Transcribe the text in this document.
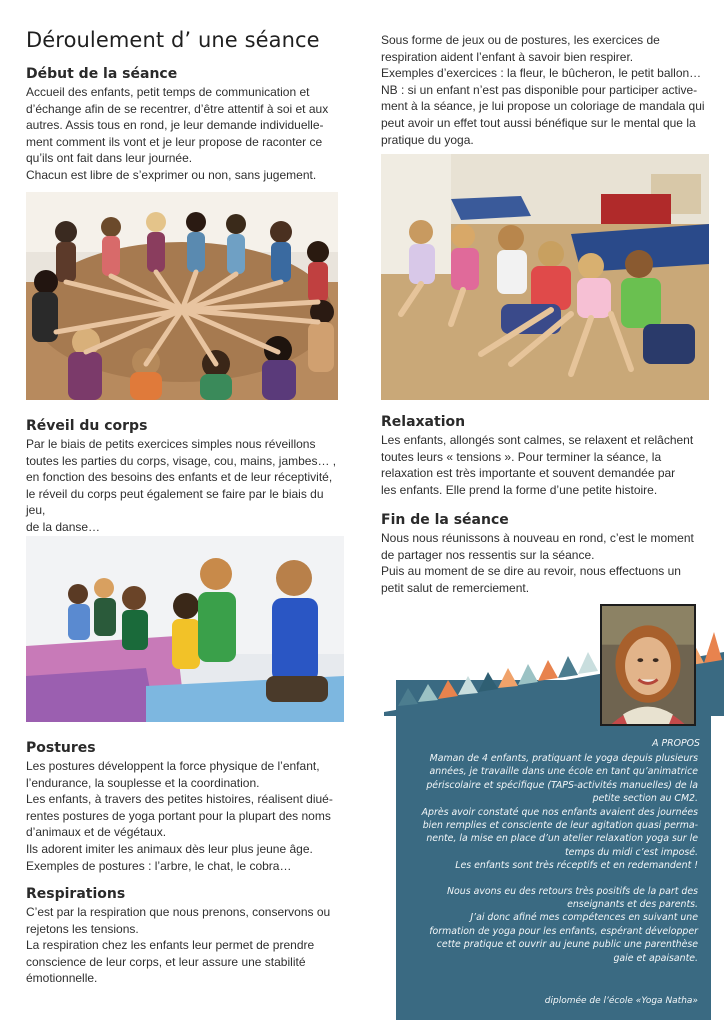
Déroulement d’ une séance
Début de la séance

Accueil des enfants, petit temps de communication et

d’échange afin de se recentrer, d’être attentif à soi et aux

autres. Assis tous en rond, je leur demande individuelle-

ment comment ils vont et je leur propose de raconter ce

qu’ils ont fait dans leur journée.

Chacun est libre de s’exprimer ou non, sans jugement.

Réveil du corps

Par le biais de petits exercices simples nous réveillons

toutes les parties du corps, visage, cou, mains, jambes… ,

en fonction des besoins des enfants et de leur réceptivité,

le réveil du corps peut également se faire par le biais du jeu,

de la danse…

Postures

Les postures développent la force physique de l’enfant,

l’endurance, la souplesse et la coordination.

Les enfants, à travers des petites histoires, réalisent diué-

rentes postures de yoga portant pour la plupart des noms

d’animaux et de végétaux.

Ils adorent imiter les animaux dès leur plus jeune âge.

Exemples de postures : l’arbre, le chat, le cobra…

Respirations

C’est par la respiration que nous prenons, conservons ou

rejetons les tensions.

La respiration chez les enfants leur permet de prendre

conscience de leur corps, et leur assure une stabilité

émotionnelle.

Sous forme de jeux ou de postures, les exercices de

respiration aident l’enfant à savoir bien respirer.

Exemples d’exercices : la fleur, le bûcheron, le petit ballon…

NB : si un enfant n’est pas disponible pour participer active-

ment à la séance, je lui propose un coloriage de mandala qui

peut avoir un effet tout aussi bénéfique sur le mental que la

pratique du yoga.

Relaxation

Les enfants, allongés sont calmes, se relaxent et relâchent

toutes leurs « tensions ». Pour terminer la séance, la

relaxation est très importante et souvent demandée par

les enfants. Elle prend la forme d’une petite histoire.

Fin de la séance

Nous nous réunissons à nouveau en rond, c’est le moment

de partager nos ressentis sur la séance.

Puis au moment de se dire au revoir, nous effectuons un

petit salut de remerciement.

A PROPOS

Maman de 4 enfants, pratiquant le yoga depuis plusieurs

années, je travaille dans une école en tant qu’animatrice

périscolaire et spécifique (TAPS-activités manuelles) de la

petite section au CM2.

Après avoir constaté que nos enfants avaient des journées

bien remplies et consciente de leur agitation quasi perma-

nente, la mise en place d’un atelier relaxation yoga sur le

temps du midi c’est imposé.

Les enfants sont très réceptifs et en redemandent !

Nous avons eu des retours très positifs de la part des

enseignants et des parents.

J’ai donc aﬁné mes compétences en suivant une

formation de yoga pour les enfants, espérant développer

cette pratique et ouvrir au jeune public une parenthèse

gaie et apaisante.

diplomée de l’école «Yoga Natha»
